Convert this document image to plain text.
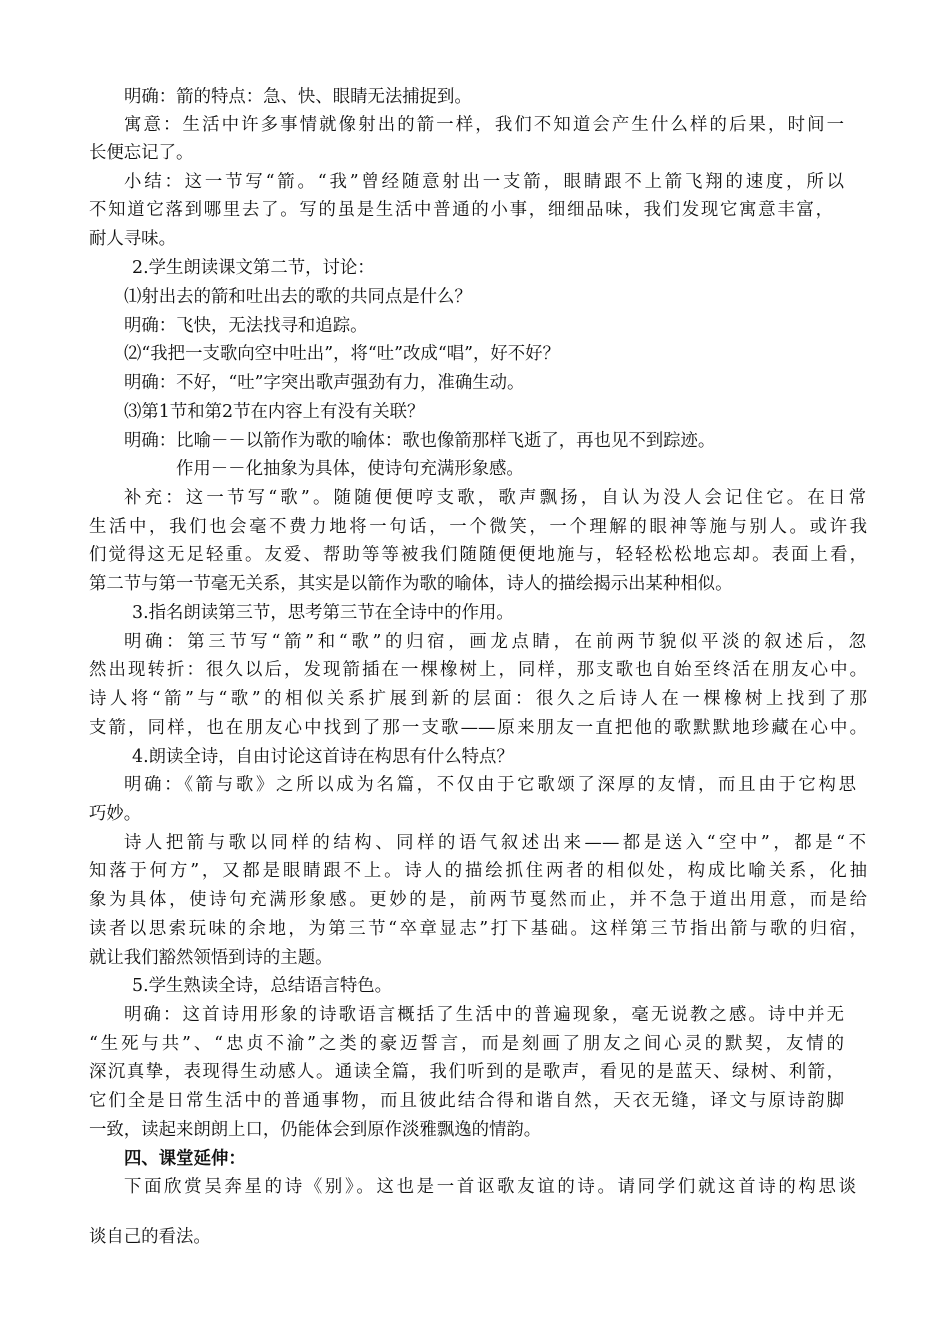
明确：箭的特点：急、快、眼睛无法捕捉到。
寓意：生活中许多事情就像射出的箭一样，我们不知道会产生什么样的后果，时间一
长便忘记了。
小结：这一节写“箭。“我”曾经随意射出一支箭，眼睛跟不上箭飞翔的速度，所以
不知道它落到哪里去了。写的虽是生活中普通的小事，细细品味，我们发现它寓意丰富，
耐人寻味。
2.学生朗读课文第二节，讨论：
⑴射出去的箭和吐出去的歌的共同点是什么？
明确：飞快，无法找寻和追踪。
⑵“我把一支歌向空中吐出”，将“吐”改成“唱”，好不好？
明确：不好，“吐”字突出歌声强劲有力，准确生动。
⑶第1节和第2节在内容上有没有关联？
明确：比喻－－以箭作为歌的喻体：歌也像箭那样飞逝了，再也见不到踪迹。
作用－－化抽象为具体，使诗句充满形象感。
补充：这一节写“歌”。随随便便哼支歌，歌声飘扬，自认为没人会记住它。在日常
生活中，我们也会毫不费力地将一句话，一个微笑，一个理解的眼神等施与别人。或许我
们觉得这无足轻重。友爱、帮助等等被我们随随便便地施与，轻轻松松地忘却。表面上看，
第二节与第一节毫无关系，其实是以箭作为歌的喻体，诗人的描绘揭示出某种相似。
3.指名朗读第三节，思考第三节在全诗中的作用。
明确：第三节写“箭”和“歌”的归宿，画龙点睛，在前两节貌似平淡的叙述后，忽
然出现转折：很久以后，发现箭插在一棵橡树上，同样，那支歌也自始至终活在朋友心中。
诗人将“箭”与“歌”的相似关系扩展到新的层面：很久之后诗人在一棵橡树上找到了那
支箭，同样，也在朋友心中找到了那一支歌——原来朋友一直把他的歌默默地珍藏在心中。
4.朗读全诗，自由讨论这首诗在构思有什么特点？
明确：《箭与歌》之所以成为名篇，不仅由于它歌颂了深厚的友情，而且由于它构思
巧妙。
诗人把箭与歌以同样的结构、同样的语气叙述出来——都是送入“空中”，都是“不
知落于何方”，又都是眼睛跟不上。诗人的描绘抓住两者的相似处，构成比喻关系，化抽
象为具体，使诗句充满形象感。更妙的是，前两节戛然而止，并不急于道出用意，而是给
读者以思索玩味的余地，为第三节“卒章显志”打下基础。这样第三节指出箭与歌的归宿，
就让我们豁然领悟到诗的主题。
5.学生熟读全诗，总结语言特色。
明确：这首诗用形象的诗歌语言概括了生活中的普遍现象，毫无说教之感。诗中并无
“生死与共”、“忠贞不渝”之类的豪迈誓言，而是刻画了朋友之间心灵的默契，友情的
深沉真挚，表现得生动感人。通读全篇，我们听到的是歌声，看见的是蓝天、绿树、利箭，
它们全是日常生活中的普通事物，而且彼此结合得和谐自然，天衣无缝，译文与原诗韵脚
一致，读起来朗朗上口，仍能体会到原作淡雅飘逸的情韵。
四、课堂延伸：
下面欣赏吴奔星的诗《别》。这也是一首讴歌友谊的诗。请同学们就这首诗的构思谈
谈自己的看法。
